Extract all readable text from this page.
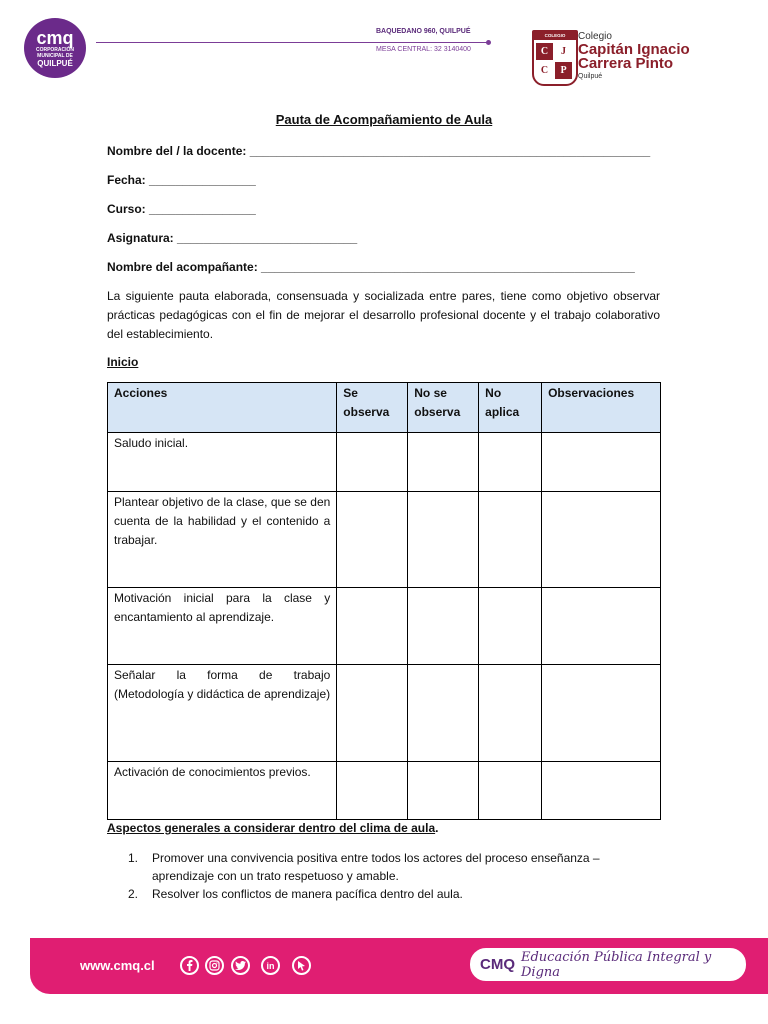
cmq
CORPORACIÓN MUNICIPAL DE
QUILPUÉ
BAQUEDANO 960, QUILPUÉ
MESA CENTRAL: 32 3140400
COLEGIO
C	J
C	P
Colegio
Capitán Ignacio
Carrera Pinto
Quilpué
Pauta de Acompañamiento de Aula
Nombre del / la docente: ____________________________________________________________
Fecha: ________________
Curso: ________________
Asignatura: ___________________________
Nombre del acompañante: ________________________________________________________
La siguiente pauta elaborada, consensuada y socializada entre pares, tiene como objetivo observar prácticas pedagógicas con el fin de mejorar el desarrollo profesional docente y el trabajo colaborativo del establecimiento.
Inicio
Acciones	Se observa	No se observa	No aplica	Observaciones
Saludo inicial.				
Plantear objetivo de la clase, que se den cuenta de la habilidad y el contenido a trabajar.				
Motivación inicial para la clase y encantamiento al aprendizaje.				
Señalar la forma de trabajo (Metodología y didáctica de aprendizaje)				
Activación de conocimientos previos.				
Aspectos generales a considerar dentro del clima de aula.
1. Promover una convivencia positiva entre todos los actores del proceso enseñanza – aprendizaje con un trato respetuoso y amable.
2. Resolver los conflictos de manera pacífica dentro del aula.
www.cmq.cl	in	CMQ Educación Pública Integral y Digna
